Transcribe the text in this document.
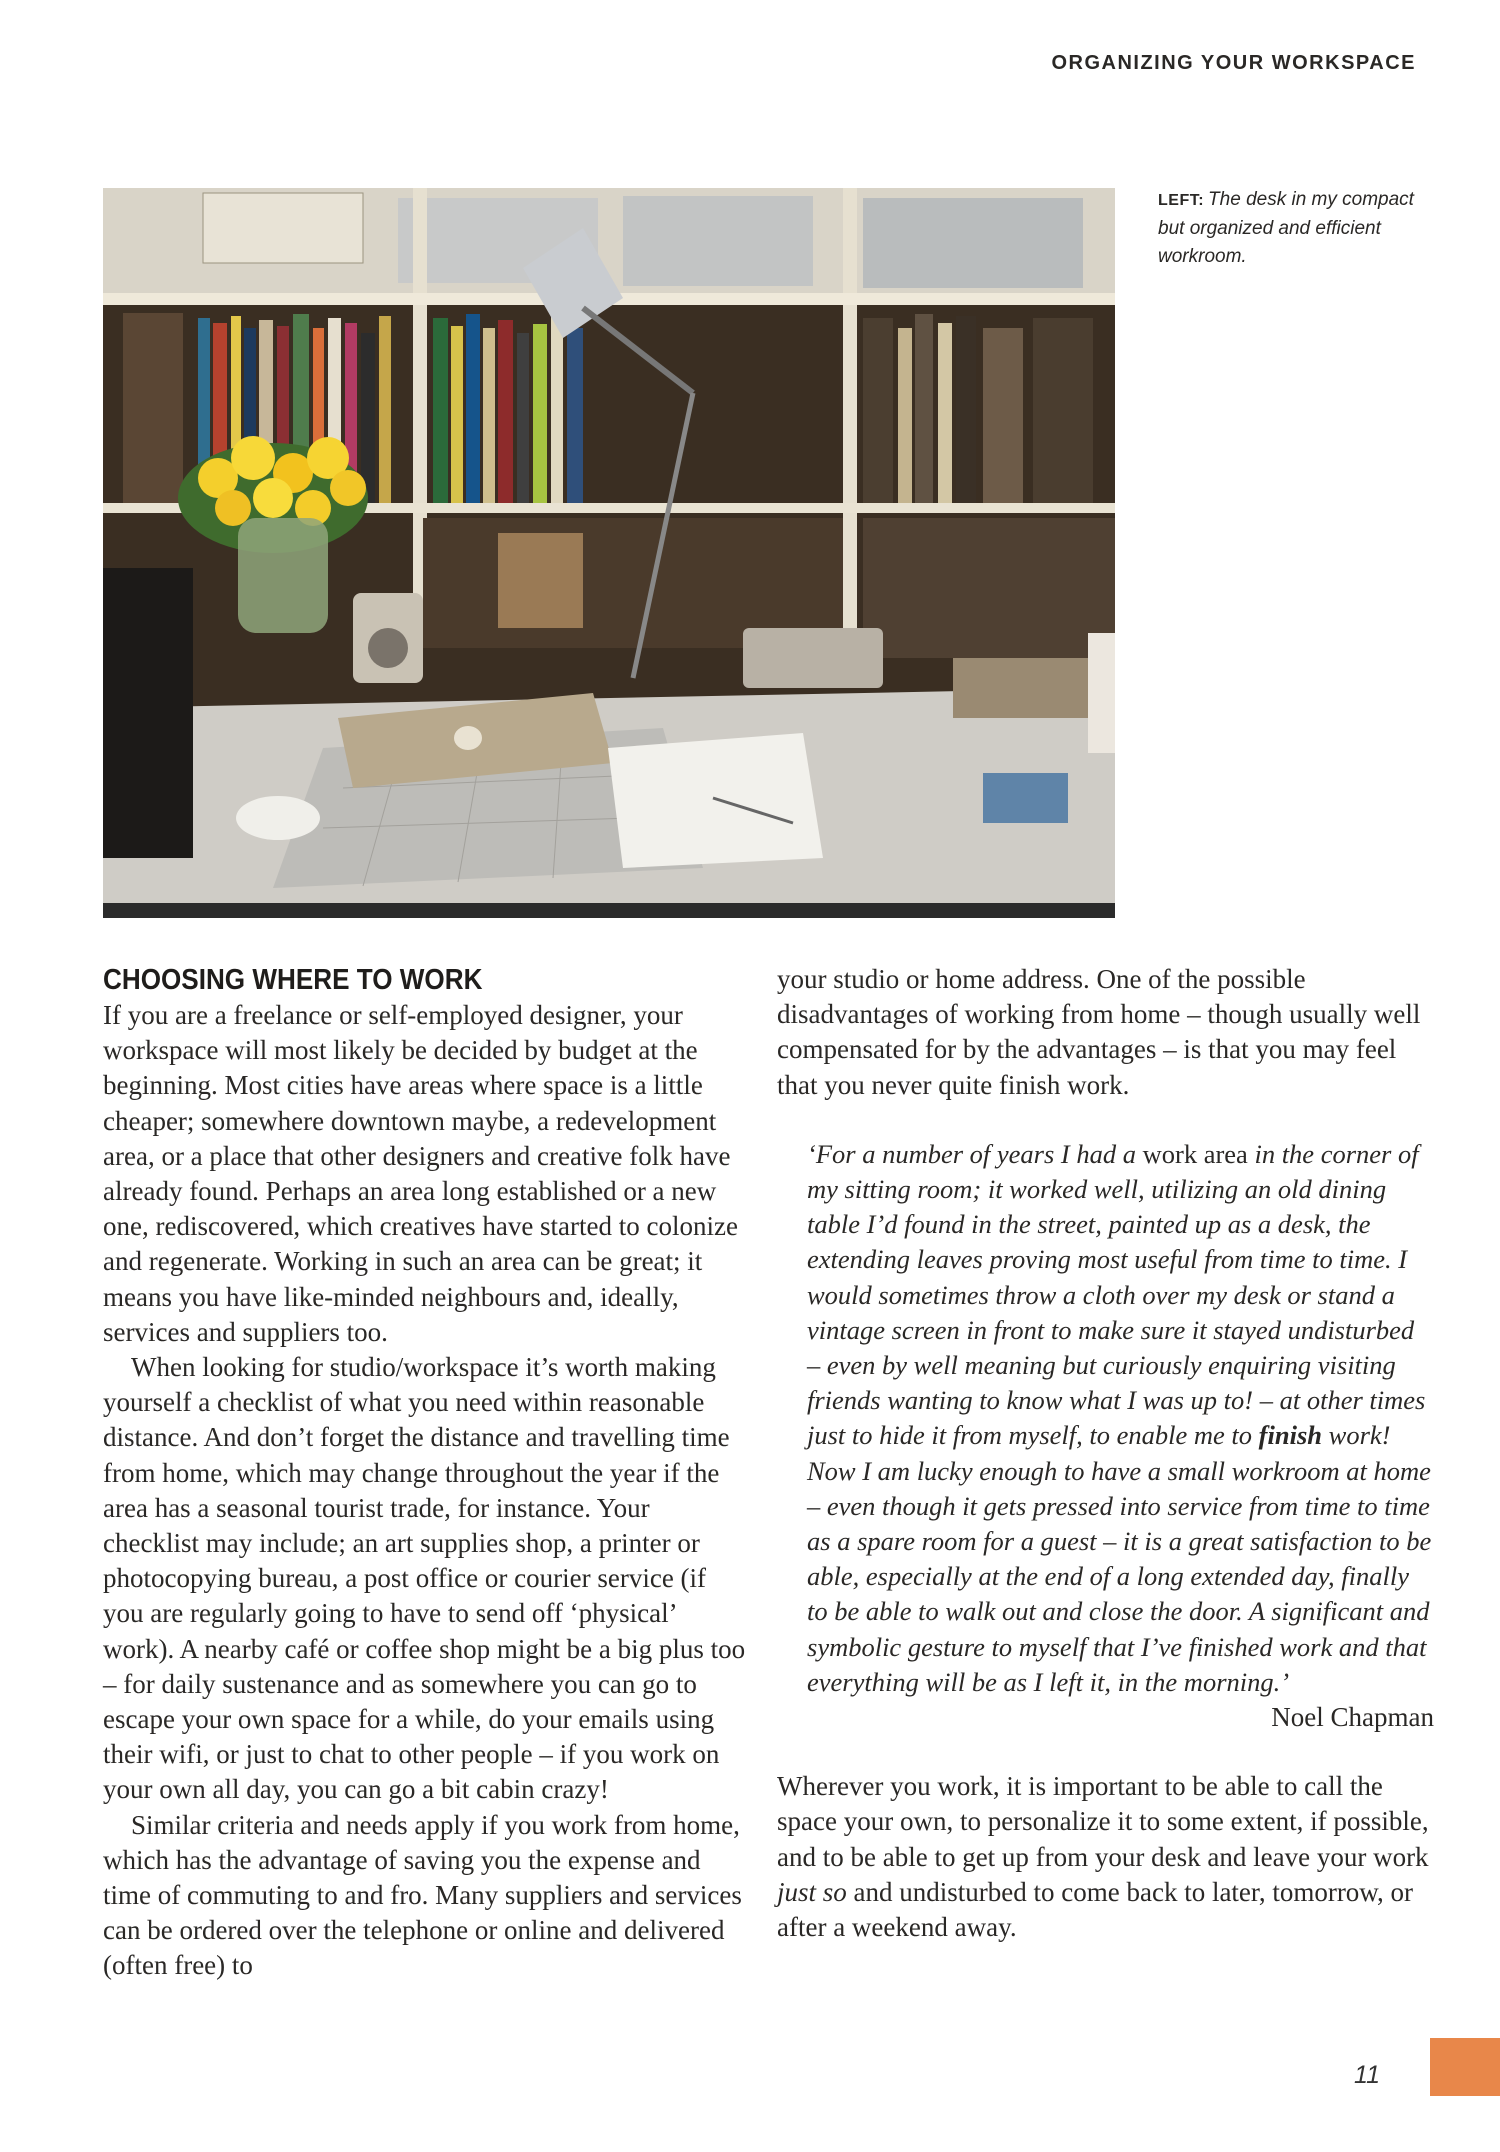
ORGANIZING YOUR WORKSPACE
LEFT: The desk in my compact but organized and efficient workroom.

CHOOSING WHERE TO WORK

If you are a freelance or self-employed designer, your workspace will most likely be decided by budget at the beginning. Most cities have areas where space is a little cheaper; somewhere downtown maybe, a redevelopment area, or a place that other designers and creative folk have already found. Perhaps an area long established or a new one, rediscovered, which creatives have started to colonize and regenerate. Working in such an area can be great; it means you have like-minded neighbours and, ideally, services and suppliers too.

When looking for studio/workspace it’s worth making yourself a checklist of what you need within reasonable distance. And don’t forget the distance and travelling time from home, which may change throughout the year if the area has a seasonal tourist trade, for instance. Your checklist may include; an art supplies shop, a printer or photocopying bureau, a post office or courier service (if you are regularly going to have to send off ‘physical’ work). A nearby café or coffee shop might be a big plus too – for daily sustenance and as somewhere you can go to escape your own space for a while, do your emails using their wifi, or just to chat to other people – if you work on your own all day, you can go a bit cabin crazy!

Similar criteria and needs apply if you work from home, which has the advantage of saving you the expense and time of commuting to and fro. Many suppliers and services can be ordered over the telephone or online and delivered (often free) to

your studio or home address. One of the possible disadvantages of working from home – though usually well compensated for by the advantages – is that you may feel that you never quite finish work.

‘For a number of years I had a work area in the corner of my sitting room; it worked well, utilizing an old dining table I’d found in the street, painted up as a desk, the extending leaves proving most useful from time to time. I would sometimes throw a cloth over my desk or stand a vintage screen in front to make sure it stayed undisturbed – even by well meaning but curiously enquiring visiting friends wanting to know what I was up to! – at other times just to hide it from myself, to enable me to finish work! Now I am lucky enough to have a small workroom at home – even though it gets pressed into service from time to time as a spare room for a guest – it is a great satisfaction to be able, especially at the end of a long extended day, finally to be able to walk out and close the door. A significant and symbolic gesture to myself that I’ve finished work and that everything will be as I left it, in the morning.’

Noel Chapman

Wherever you work, it is important to be able to call the space your own, to personalize it to some extent, if possible, and to be able to get up from your desk and leave your work just so and undisturbed to come back to later, tomorrow, or after a weekend away.

11
